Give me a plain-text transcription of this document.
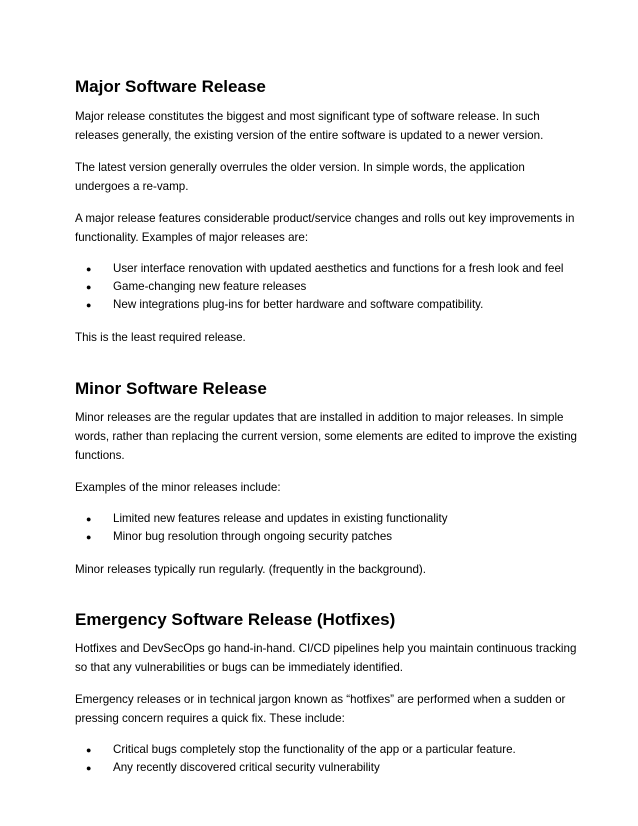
Major Software Release

Major release constitutes the biggest and most significant type of software release. In such releases generally, the existing version of the entire software is updated to a newer version.

The latest version generally overrules the older version. In simple words, the application undergoes a re-vamp.

A major release features considerable product/service changes and rolls out key improvements in functionality. Examples of major releases are:

● User interface renovation with updated aesthetics and functions for a fresh look and feel
● Game-changing new feature releases
● New integrations plug-ins for better hardware and software compatibility.

This is the least required release.

Minor Software Release

Minor releases are the regular updates that are installed in addition to major releases. In simple words, rather than replacing the current version, some elements are edited to improve the existing functions.

Examples of the minor releases include:

● Limited new features release and updates in existing functionality
● Minor bug resolution through ongoing security patches

Minor releases typically run regularly. (frequently in the background).

Emergency Software Release (Hotfixes)

Hotfixes and DevSecOps go hand-in-hand. CI/CD pipelines help you maintain continuous tracking so that any vulnerabilities or bugs can be immediately identified.

Emergency releases or in technical jargon known as “hotfixes” are performed when a sudden or pressing concern requires a quick fix. These include:

● Critical bugs completely stop the functionality of the app or a particular feature.
● Any recently discovered critical security vulnerability
